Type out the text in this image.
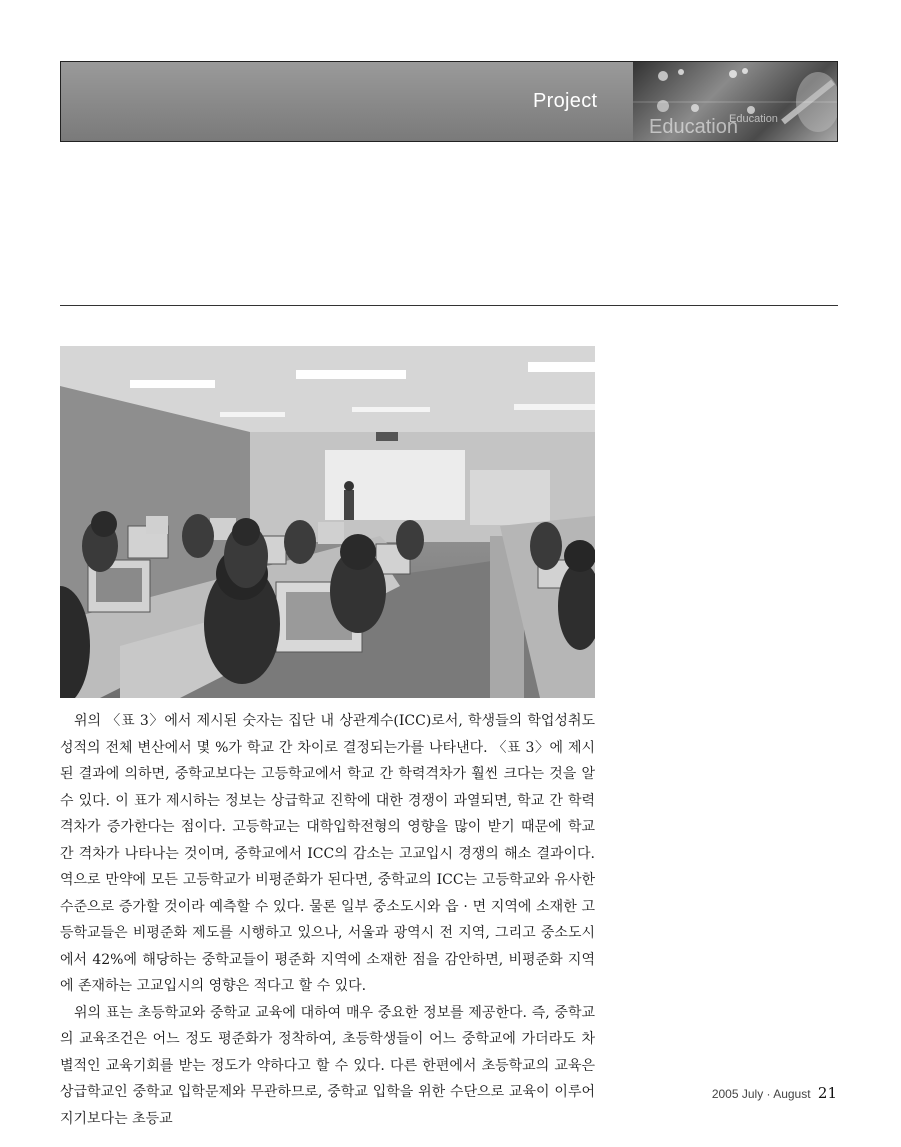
Project
Education
Education

위의 〈표 3〉에서 제시된 숫자는 집단 내 상관계수(ICC)로서, 학생들의 학업성취도 성적의 전체 변산에서 몇 %가 학교 간 차이로 결정되는가를 나타낸다. 〈표 3〉에 제시된 결과에 의하면, 중학교보다는 고등학교에서 학교 간 학력격차가 훨씬 크다는 것을 알 수 있다. 이 표가 제시하는 정보는 상급학교 진학에 대한 경쟁이 과열되면, 학교 간 학력격차가 증가한다는 점이다. 고등학교는 대학입학전형의 영향을 많이 받기 때문에 학교 간 격차가 나타나는 것이며, 중학교에서 ICC의 감소는 고교입시 경쟁의 해소 결과이다. 역으로 만약에 모든 고등학교가 비평준화가 된다면, 중학교의 ICC는 고등학교와 유사한 수준으로 증가할 것이라 예측할 수 있다. 물론 일부 중소도시와 읍 · 면 지역에 소재한 고등학교들은 비평준화 제도를 시행하고 있으나, 서울과 광역시 전 지역, 그리고 중소도시에서 42%에 해당하는 중학교들이 평준화 지역에 소재한 점을 감안하면, 비평준화 지역에 존재하는 고교입시의 영향은 적다고 할 수 있다.

위의 표는 초등학교와 중학교 교육에 대하여 매우 중요한 정보를 제공한다. 즉, 중학교의 교육조건은 어느 정도 평준화가 정착하여, 초등학생들이 어느 중학교에 가더라도 차별적인 교육기회를 받는 정도가 약하다고 할 수 있다. 다른 한편에서 초등학교의 교육은 상급학교인 중학교 입학문제와 무관하므로, 중학교 입학을 위한 수단으로 교육이 이루어지기보다는 초등교

2005 July · August 21
